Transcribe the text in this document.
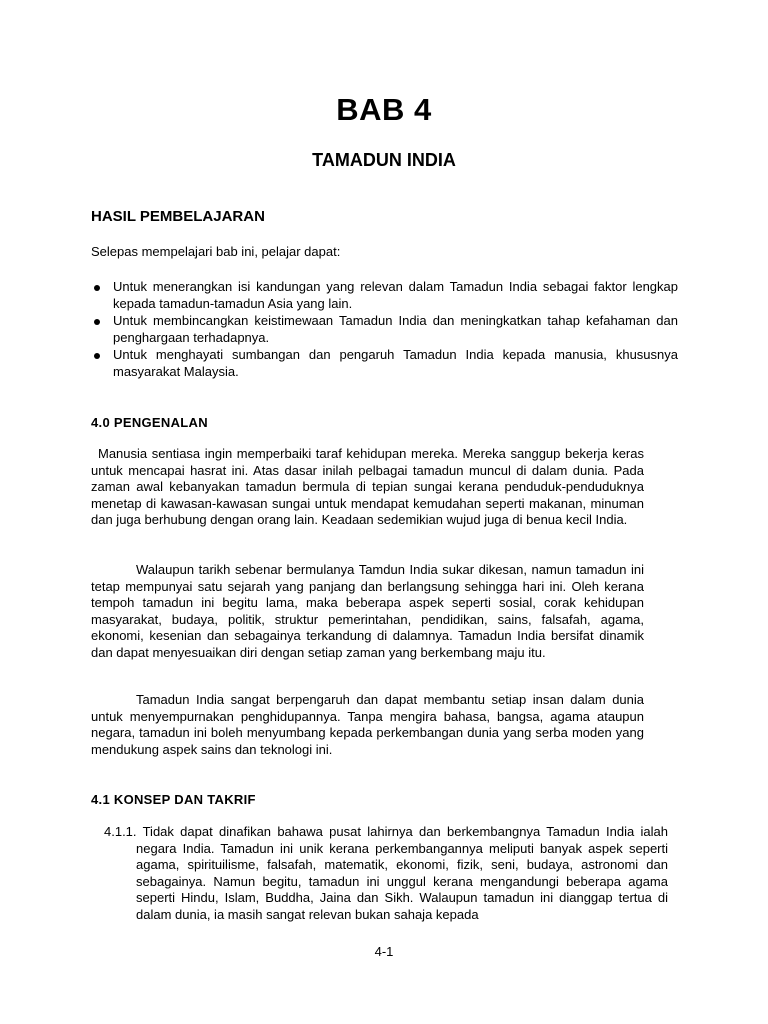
BAB 4
TAMADUN INDIA
HASIL PEMBELAJARAN
Selepas mempelajari bab ini, pelajar dapat:
Untuk menerangkan isi kandungan yang relevan dalam Tamadun India sebagai faktor lengkap kepada tamadun-tamadun Asia yang lain.
Untuk membincangkan keistimewaan Tamadun India dan meningkatkan tahap kefahaman dan penghargaan terhadapnya.
Untuk menghayati sumbangan dan pengaruh Tamadun India kepada manusia, khususnya masyarakat Malaysia.
4.0 PENGENALAN

Manusia sentiasa ingin memperbaiki taraf kehidupan mereka. Mereka sanggup bekerja keras untuk mencapai hasrat ini. Atas dasar inilah pelbagai tamadun muncul di dalam dunia. Pada zaman awal kebanyakan tamadun bermula di tepian sungai kerana penduduk-penduduknya menetap di kawasan-kawasan sungai untuk mendapat kemudahan seperti makanan, minuman dan juga berhubung dengan orang lain. Keadaan sedemikian wujud juga di benua kecil India.

Walaupun tarikh sebenar bermulanya Tamdun India sukar dikesan, namun tamadun ini tetap mempunyai satu sejarah yang panjang dan berlangsung sehingga hari ini. Oleh kerana tempoh tamadun ini begitu lama, maka beberapa aspek seperti sosial, corak kehidupan masyarakat, budaya, politik, struktur pemerintahan, pendidikan, sains, falsafah, agama, ekonomi, kesenian dan sebagainya terkandung di dalamnya. Tamadun India bersifat dinamik dan dapat menyesuaikan diri dengan setiap zaman yang berkembang maju itu.

Tamadun India sangat berpengaruh dan dapat membantu setiap insan dalam dunia untuk menyempurnakan penghidupannya. Tanpa mengira bahasa, bangsa, agama ataupun negara, tamadun ini boleh menyumbang kepada perkembangan dunia yang serba moden yang mendukung aspek sains dan teknologi ini.

4.1 KONSEP DAN TAKRIF
4.1.1. Tidak dapat dinafikan bahawa pusat lahirnya dan berkembangnya Tamadun India ialah negara India. Tamadun ini unik kerana perkembangannya meliputi banyak aspek seperti agama, spirituilisme, falsafah, matematik, ekonomi, fizik, seni, budaya, astronomi dan sebagainya. Namun begitu, tamadun ini unggul kerana mengandungi beberapa agama seperti Hindu, Islam, Buddha, Jaina dan Sikh. Walaupun tamadun ini dianggap tertua di dalam dunia, ia masih sangat relevan bukan sahaja kepada
4-1
